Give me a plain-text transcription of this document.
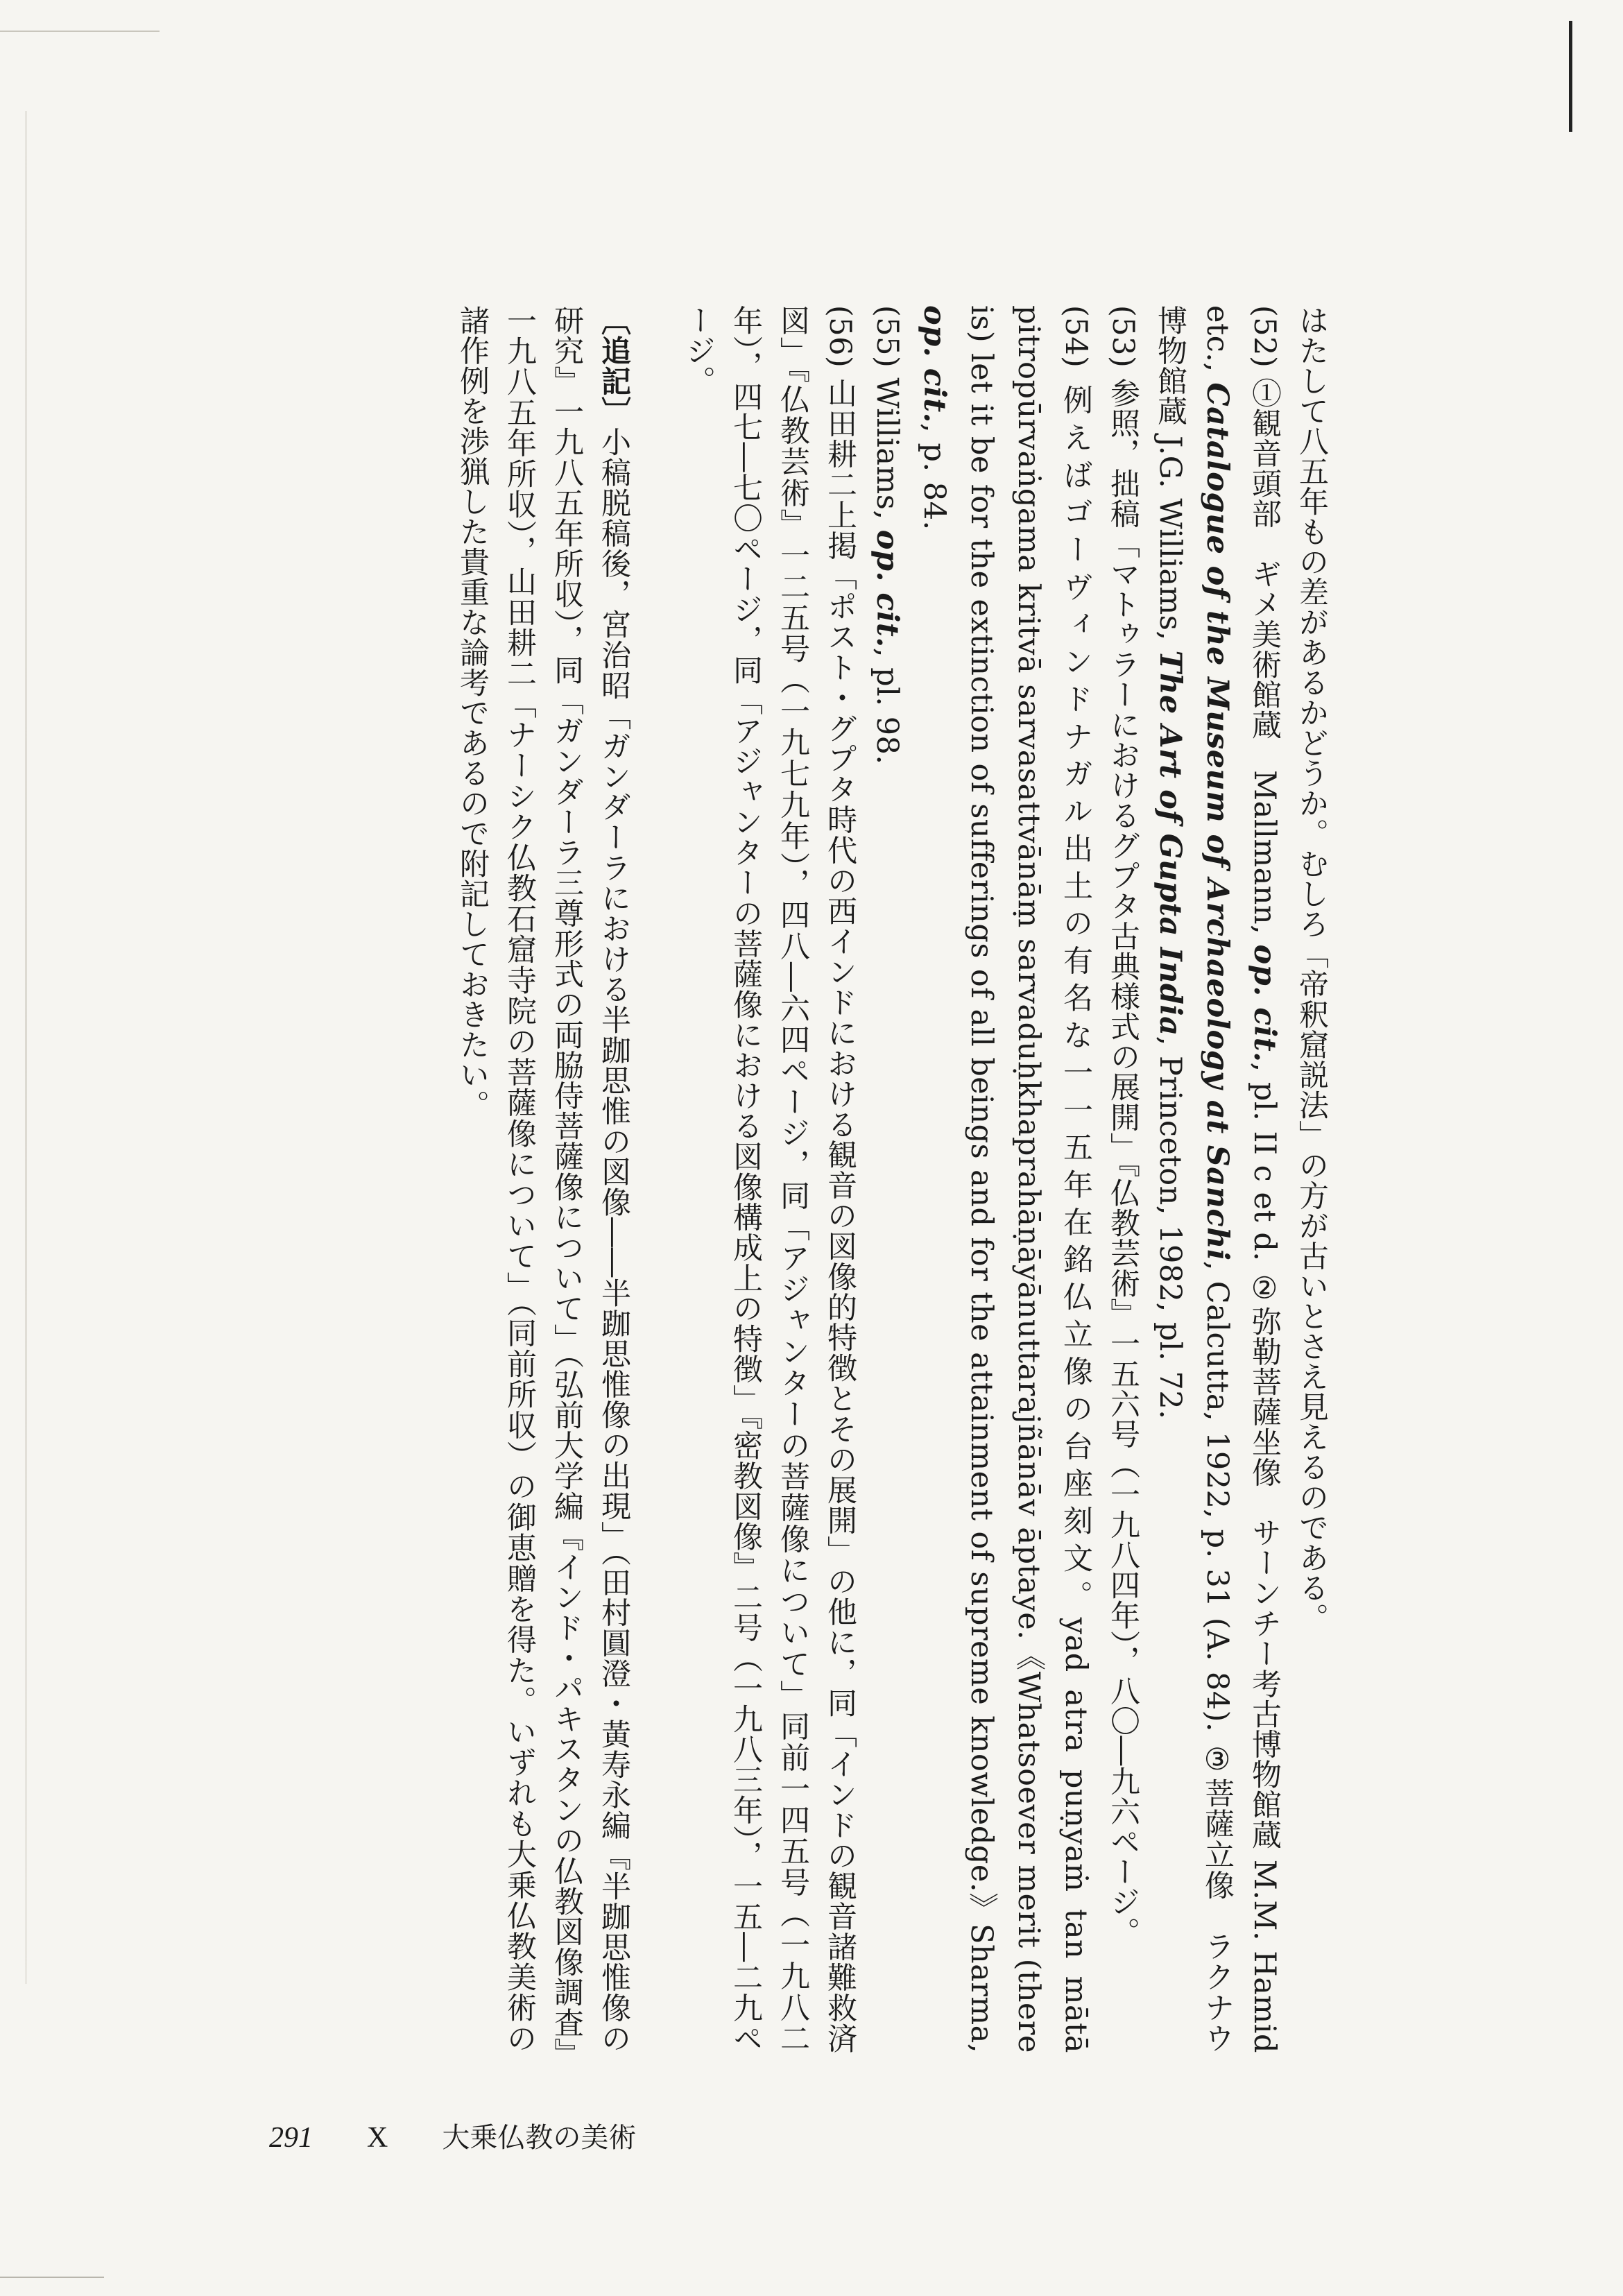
はたして八五年もの差があるかどうか。むしろ「帝釈窟説法」の方が古いとさえ見えるのである。
(52) ①観音頭部　ギメ美術館蔵　Mallmann, op. cit., pl. II c et d. ②弥勒菩薩坐像　サーンチー考古博物館蔵 M.M. Hamid etc., Catalogue of the Museum of Archaeology at Sanchi, Calcutta, 1922, p. 31 (A. 84). ③菩薩立像　ラクナウ博物館蔵 J.G. Williams, The Art of Gupta India, Princeton, 1982, pl. 72.
(53) 参照，拙稿「マトゥラーにおけるグプタ古典様式の展開」『仏教芸術』一五六号（一九八四年），八〇―九六ページ。
(54) 例えばゴーヴィンドナガル出土の有名な一一五年在銘仏立像の台座刻文。yad atra puṇyaṁ tan mātā pitropūrvaṅgama kritvā sarvasattvānāṃ sarvaduḥkhaprahāṇāyānuttarajñānāv āptaye.《Whatsoever merit (there is) let it be for the extinction of sufferings of all beings and for the attainment of supreme knowledge.》Sharma, op. cit., p. 84.
(55) Williams, op. cit., pl. 98.
(56) 山田耕二上掲「ポスト・グプタ時代の西インドにおける観音の図像的特徴とその展開」の他に，同「インドの観音諸難救済図」『仏教芸術』一二五号（一九七九年），四八―六四ページ，同「アジャンターの菩薩像について」同前一四五号（一九八二年），四七―七〇ページ，同「アジャンターの菩薩像における図像構成上の特徴」『密教図像』二号（一九八三年），一五―二九ページ。
〔追記〕小稿脱稿後，宮治昭「ガンダーラにおける半跏思惟の図像――半跏思惟像の出現」（田村圓澄・黃寿永編『半跏思惟像の研究』一九八五年所収），同「ガンダーラ三尊形式の両脇侍菩薩像について」（弘前大学編『インド・パキスタンの仏教図像調査』一九八五年所収），山田耕二「ナーシク仏教石窟寺院の菩薩像について」（同前所収）の御恵贈を得た。いずれも大乗仏教美術の諸作例を渉猟した貴重な論考であるので附記しておきたい。
291 X 大乗仏教の美術
